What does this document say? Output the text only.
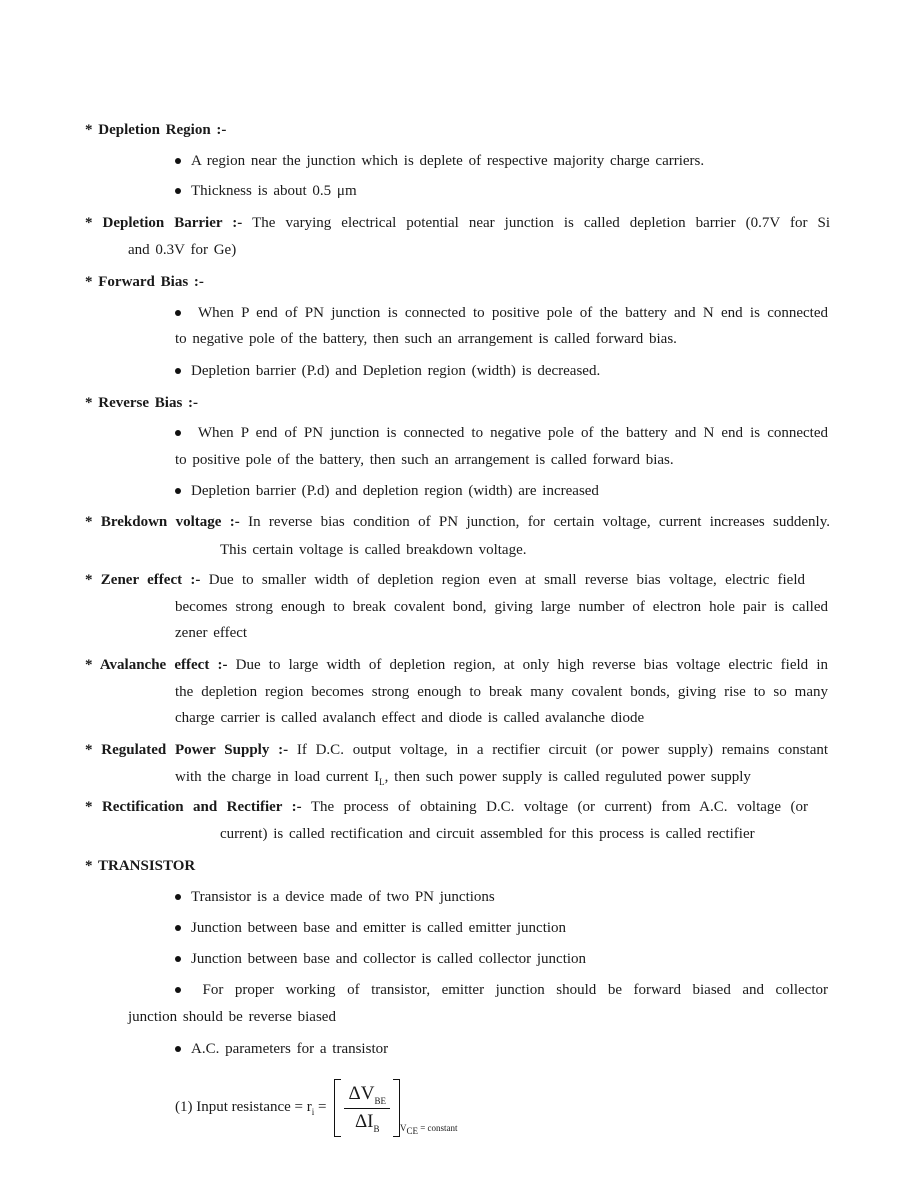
* Depletion Region :-
A region near the junction which is deplete of respective majority charge carriers.
Thickness is about 0.5 μm
* Depletion Barrier :- The varying electrical potential near junction is called depletion barrier (0.7V for Si
and 0.3V for Ge)
* Forward Bias :-
When P end of PN junction is connected to positive pole of the battery and N end is connected
to negative pole of the battery, then such an arrangement is called forward bias.
Depletion barrier (P.d) and Depletion region (width) is decreased.
* Reverse Bias :-
When P end of PN junction is connected to negative pole of the battery and N end is connected
to positive pole of the battery, then such an arrangement is called forward bias.
Depletion barrier (P.d) and depletion region (width) are increased
* Brekdown voltage :- In reverse bias condition of PN junction, for certain voltage, current increases suddenly.
This certain voltage is called breakdown voltage.
* Zener effect :- Due to smaller width of depletion region even at small reverse bias voltage, electric field
becomes strong enough to break covalent bond, giving large number of electron hole pair is called
zener effect
* Avalanche effect :- Due to large width of depletion region, at only high reverse bias voltage electric field in
the depletion region becomes strong enough to break many covalent bonds, giving rise to so many
charge carrier is called avalanch effect and diode is called avalanche diode
* Regulated Power Supply :- If D.C. output voltage, in a rectifier circuit (or power supply) remains constant
with the charge in load current $I_L$, then such power supply is called reguluted power supply
* Rectification and Rectifier :- The process of obtaining D.C. voltage (or current) from A.C. voltage (or
current) is called rectification and circuit assembled for this process is called rectifier
* TRANSISTOR
Transistor is a device made of two PN junctions
Junction between base and emitter is called emitter junction
Junction between base and collector is called collector junction
For proper working of transistor, emitter junction should be forward biased and collector
junction should be reverse biased
A.C. parameters for a transistor
(1) Input resistance = $r_i = \frac{\Delta V_{BE}}{\Delta I_B} V_{CE}$ = constant
